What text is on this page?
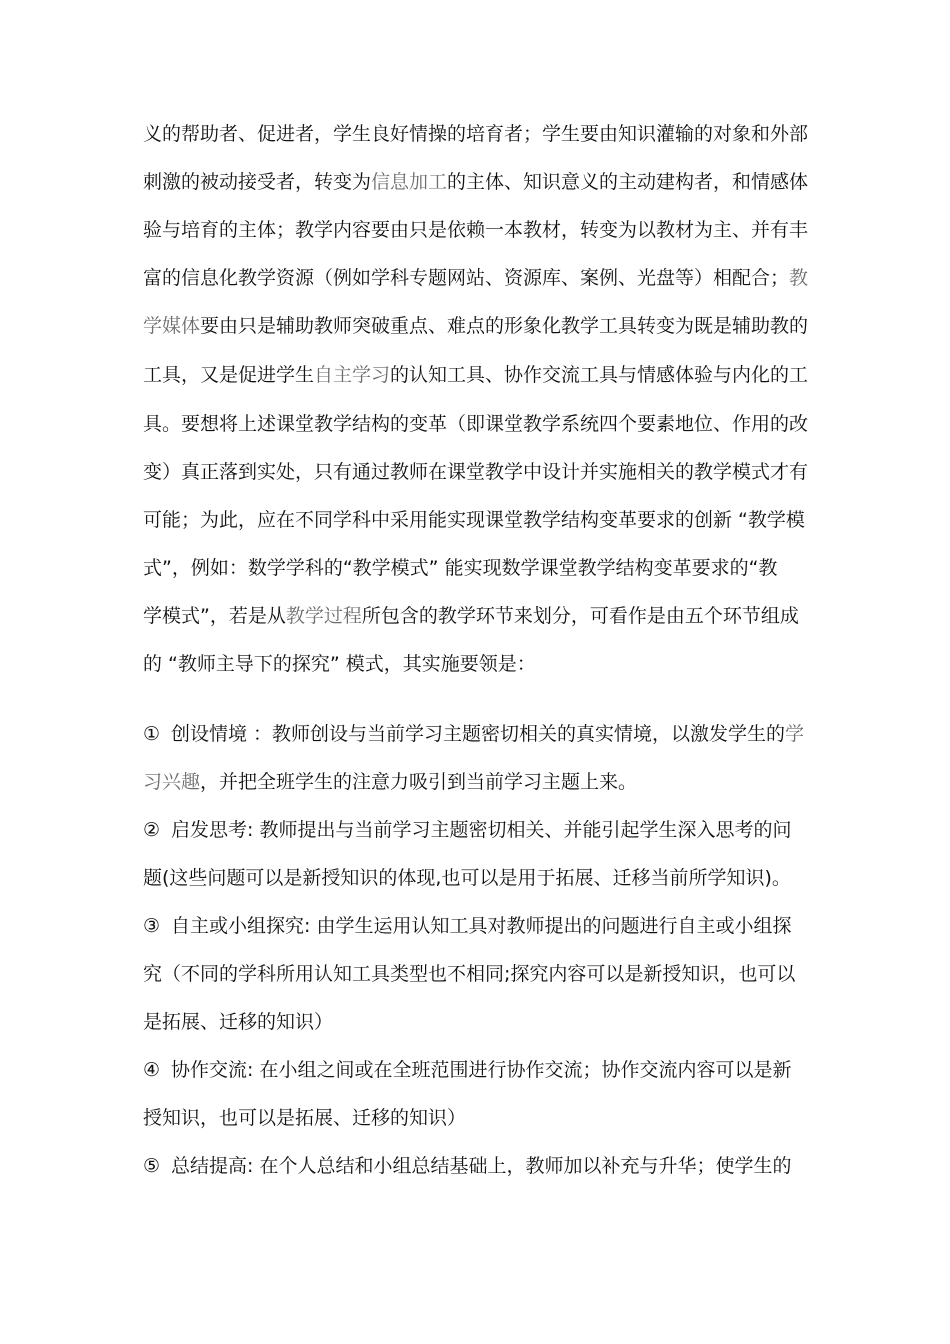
义的帮助者、促进者，学生良好情操的培育者；学生要由知识灌输的对象和外部
刺激的被动接受者，转变为信息加工的主体、知识意义的主动建构者，和情感体
验与培育的主体；教学内容要由只是依赖一本教材，转变为以教材为主、并有丰
富的信息化教学资源（例如学科专题网站、资源库、案例、光盘等）相配合；教
学媒体要由只是辅助教师突破重点、难点的形象化教学工具转变为既是辅助教的
工具，又是促进学生自主学习的认知工具、协作交流工具与情感体验与内化的工
具。要想将上述课堂教学结构的变革（即课堂教学系统四个要素地位、作用的改
变）真正落到实处，只有通过教师在课堂教学中设计并实施相关的教学模式才有
可能；为此，应在不同学科中采用能实现课堂教学结构变革要求的创新 “教学模
式”，例如：数学学科的“教学模式” 能实现数学课堂教学结构变革要求的“教
学模式”，若是从教学过程所包含的教学环节来划分，可看作是由五个环节组成
的 “教师主导下的探究” 模式，其实施要领是：
① 创设情境 ：教师创设与当前学习主题密切相关的真实情境，以激发学生的学
习兴趣，并把全班学生的注意力吸引到当前学习主题上来。
② 启发思考: 教师提出与当前学习主题密切相关、并能引起学生深入思考的问
题(这些问题可以是新授知识的体现,也可以是用于拓展、迁移当前所学知识)。
③ 自主或小组探究: 由学生运用认知工具对教师提出的问题进行自主或小组探
究（不同的学科所用认知工具类型也不相同;探究内容可以是新授知识，也可以
是拓展、迁移的知识）
④ 协作交流: 在小组之间或在全班范围进行协作交流；协作交流内容可以是新
授知识，也可以是拓展、迁移的知识）
⑤ 总结提高: 在个人总结和小组总结基础上，教师加以补充与升华；使学生的
